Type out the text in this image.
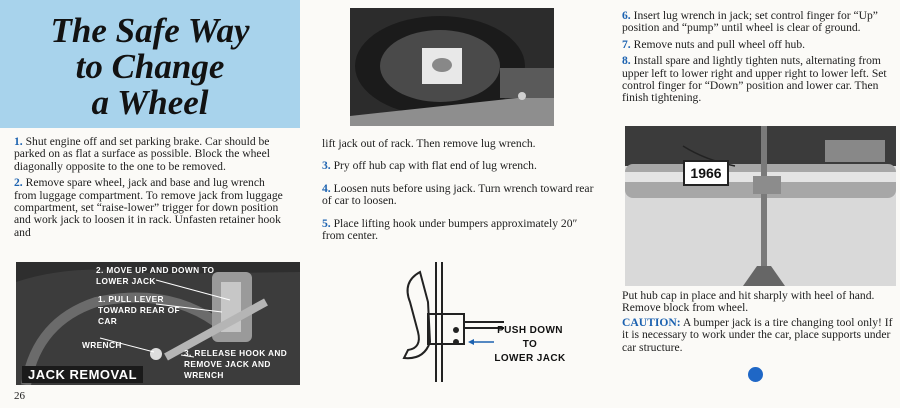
The Safe Way
to Change
a Wheel

1. Shut engine off and set parking brake. Car should be parked on as flat a surface as possible. Block the wheel diagonally opposite to the one to be removed.

2. Remove spare wheel, jack and base and lug wrench from luggage compartment. To remove jack from luggage compartment, set “raise-lower” trigger for down position and work jack to loosen it in rack. Unfasten retainer hook and

2. MOVE UP AND DOWN TO LOWER JACK
1. PULL LEVER TOWARD REAR OF CAR
WRENCH
3. RELEASE HOOK AND REMOVE JACK AND WRENCH
JACK REMOVAL
26

lift jack out of rack. Then remove lug wrench.

3. Pry off hub cap with flat end of lug wrench.

4. Loosen nuts before using jack. Turn wrench toward rear of car to loosen.

5. Place lifting hook under bumpers approximately 20″ from center.

PUSH DOWN
TO
LOWER JACK

6. Insert lug wrench in jack; set control finger for “Up” position and “pump” until wheel is clear of ground.

7. Remove nuts and pull wheel off hub.

8. Install spare and lightly tighten nuts, alternating from upper left to lower right and upper right to lower left. Set control finger for “Down” position and lower car. Then finish tightening.

1966

Put hub cap in place and hit sharply with heel of hand. Remove block from wheel.

CAUTION: A bumper jack is a tire changing tool only! If it is necessary to work under the car, place supports under car structure.
